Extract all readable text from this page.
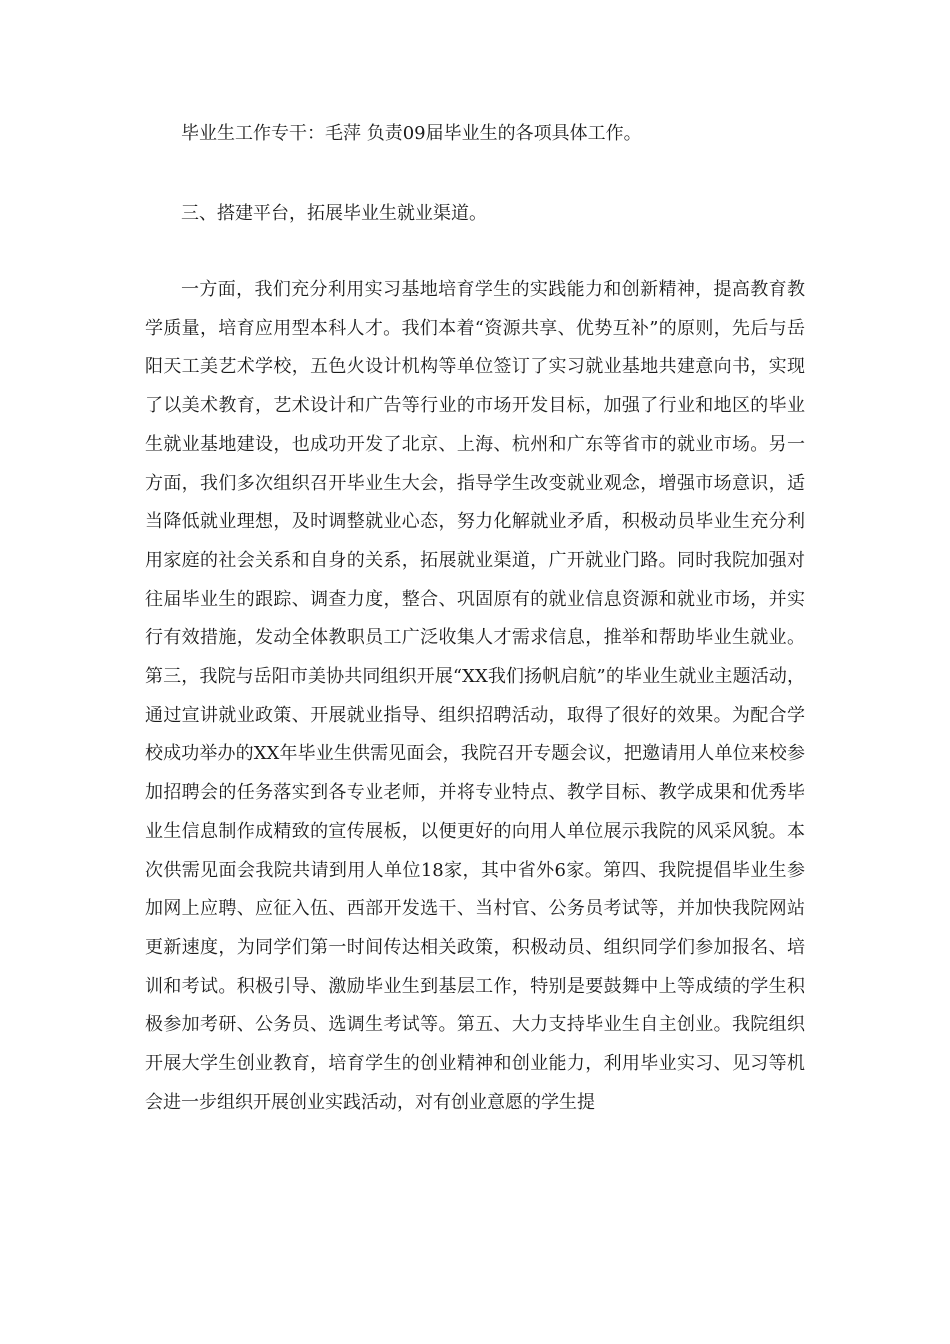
毕业生工作专干：毛萍 负责09届毕业生的各项具体工作。

三、搭建平台，拓展毕业生就业渠道。

一方面，我们充分利用实习基地培育学生的实践能力和创新精神，提高教育教学质量，培育应用型本科人才。我们本着“资源共享、优势互补”的原则，先后与岳阳天工美艺术学校，五色火设计机构等单位签订了实习就业基地共建意向书，实现了以美术教育，艺术设计和广告等行业的市场开发目标，加强了行业和地区的毕业生就业基地建设，也成功开发了北京、上海、杭州和广东等省市的就业市场。另一方面，我们多次组织召开毕业生大会，指导学生改变就业观念，增强市场意识，适当降低就业理想，及时调整就业心态，努力化解就业矛盾，积极动员毕业生充分利用家庭的社会关系和自身的关系，拓展就业渠道，广开就业门路。同时我院加强对往届毕业生的跟踪、调查力度，整合、巩固原有的就业信息资源和就业市场，并实行有效措施，发动全体教职员工广泛收集人才需求信息，推举和帮助毕业生就业。第三，我院与岳阳市美协共同组织开展“XX我们扬帆启航”的毕业生就业主题活动，通过宣讲就业政策、开展就业指导、组织招聘活动，取得了很好的效果。为配合学校成功举办的XX年毕业生供需见面会，我院召开专题会议，把邀请用人单位来校参加招聘会的任务落实到各专业老师，并将专业特点、教学目标、教学成果和优秀毕业生信息制作成精致的宣传展板，以便更好的向用人单位展示我院的风采风貌。本次供需见面会我院共请到用人单位18家，其中省外6家。第四、我院提倡毕业生参加网上应聘、应征入伍、西部开发选干、当村官、公务员考试等，并加快我院网站更新速度，为同学们第一时间传达相关政策，积极动员、组织同学们参加报名、培训和考试。积极引导、激励毕业生到基层工作，特别是要鼓舞中上等成绩的学生积极参加考研、公务员、选调生考试等。第五、大力支持毕业生自主创业。我院组织开展大学生创业教育，培育学生的创业精神和创业能力，利用毕业实习、见习等机会进一步组织开展创业实践活动，对有创业意愿的学生提
